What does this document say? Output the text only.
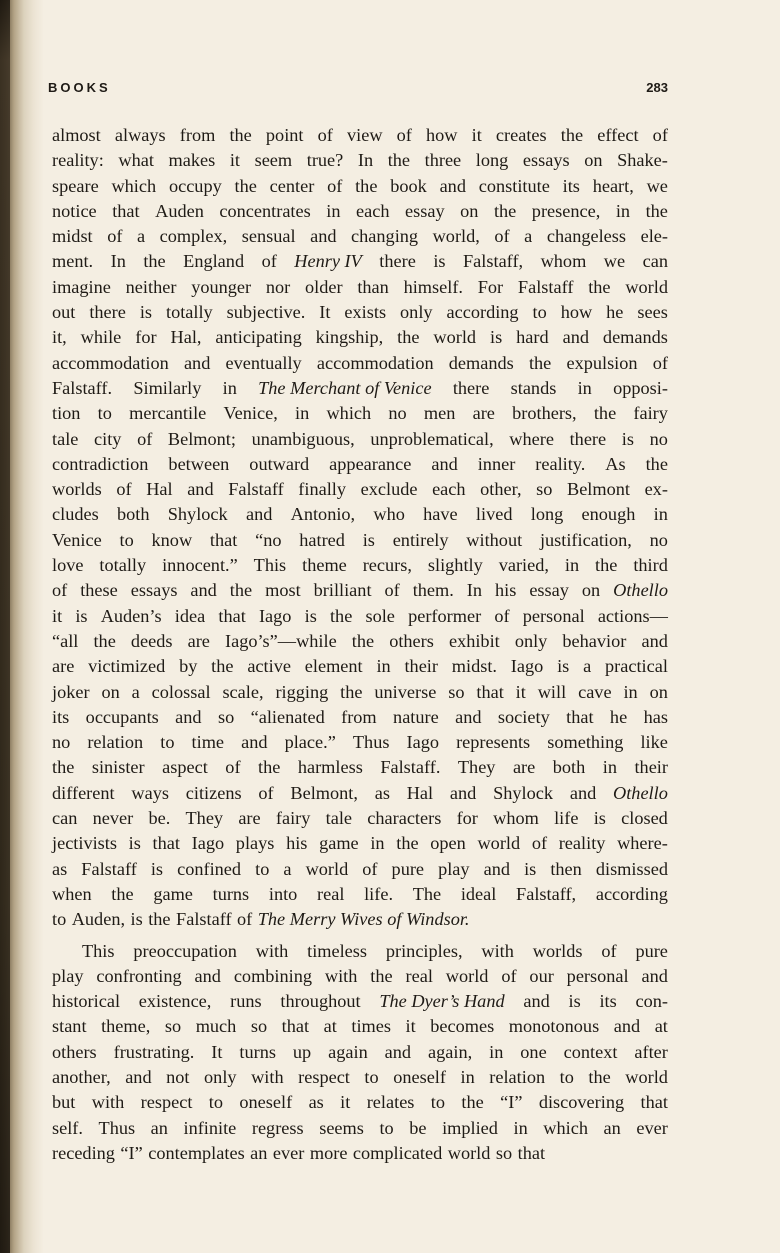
BOOKS	283
almost always from the point of view of how it creates the effect of
reality: what makes it seem true? In the three long essays on Shake-
speare which occupy the center of the book and constitute its heart, we
notice that Auden concentrates in each essay on the presence, in the
midst of a complex, sensual and changing world, of a changeless ele-
ment. In the England of Henry IV there is Falstaff, whom we can
imagine neither younger nor older than himself. For Falstaff the world
out there is totally subjective. It exists only according to how he sees
it, while for Hal, anticipating kingship, the world is hard and demands
accommodation and eventually accommodation demands the expulsion of
Falstaff. Similarly in The Merchant of Venice there stands in opposi-
tion to mercantile Venice, in which no men are brothers, the fairy
tale city of Belmont; unambiguous, unproblematical, where there is no
contradiction between outward appearance and inner reality. As the
worlds of Hal and Falstaff finally exclude each other, so Belmont ex-
cludes both Shylock and Antonio, who have lived long enough in
Venice to know that “no hatred is entirely without justification, no
love totally innocent.” This theme recurs, slightly varied, in the third
of these essays and the most brilliant of them. In his essay on Othello
it is Auden’s idea that Iago is the sole performer of personal actions—
“all the deeds are Iago’s”—while the others exhibit only behavior and
are victimized by the active element in their midst. Iago is a practical
joker on a colossal scale, rigging the universe so that it will cave in on
its occupants and so “alienated from nature and society that he has
no relation to time and place.” Thus Iago represents something like
the sinister aspect of the harmless Falstaff. They are both in their
different ways citizens of Belmont, as Hal and Shylock and Othello
can never be. They are fairy tale characters for whom life is closed
jectivists is that Iago plays his game in the open world of reality where-
as Falstaff is confined to a world of pure play and is then dismissed
when the game turns into real life. The ideal Falstaff, according
to Auden, is the Falstaff of The Merry Wives of Windsor.
This preoccupation with timeless principles, with worlds of pure
play confronting and combining with the real world of our personal and
historical existence, runs throughout The Dyer’s Hand and is its con-
stant theme, so much so that at times it becomes monotonous and at
others frustrating. It turns up again and again, in one context after
another, and not only with respect to oneself in relation to the world
but with respect to oneself as it relates to the “I” discovering that
self. Thus an infinite regress seems to be implied in which an ever
receding “I” contemplates an ever more complicated world so that
